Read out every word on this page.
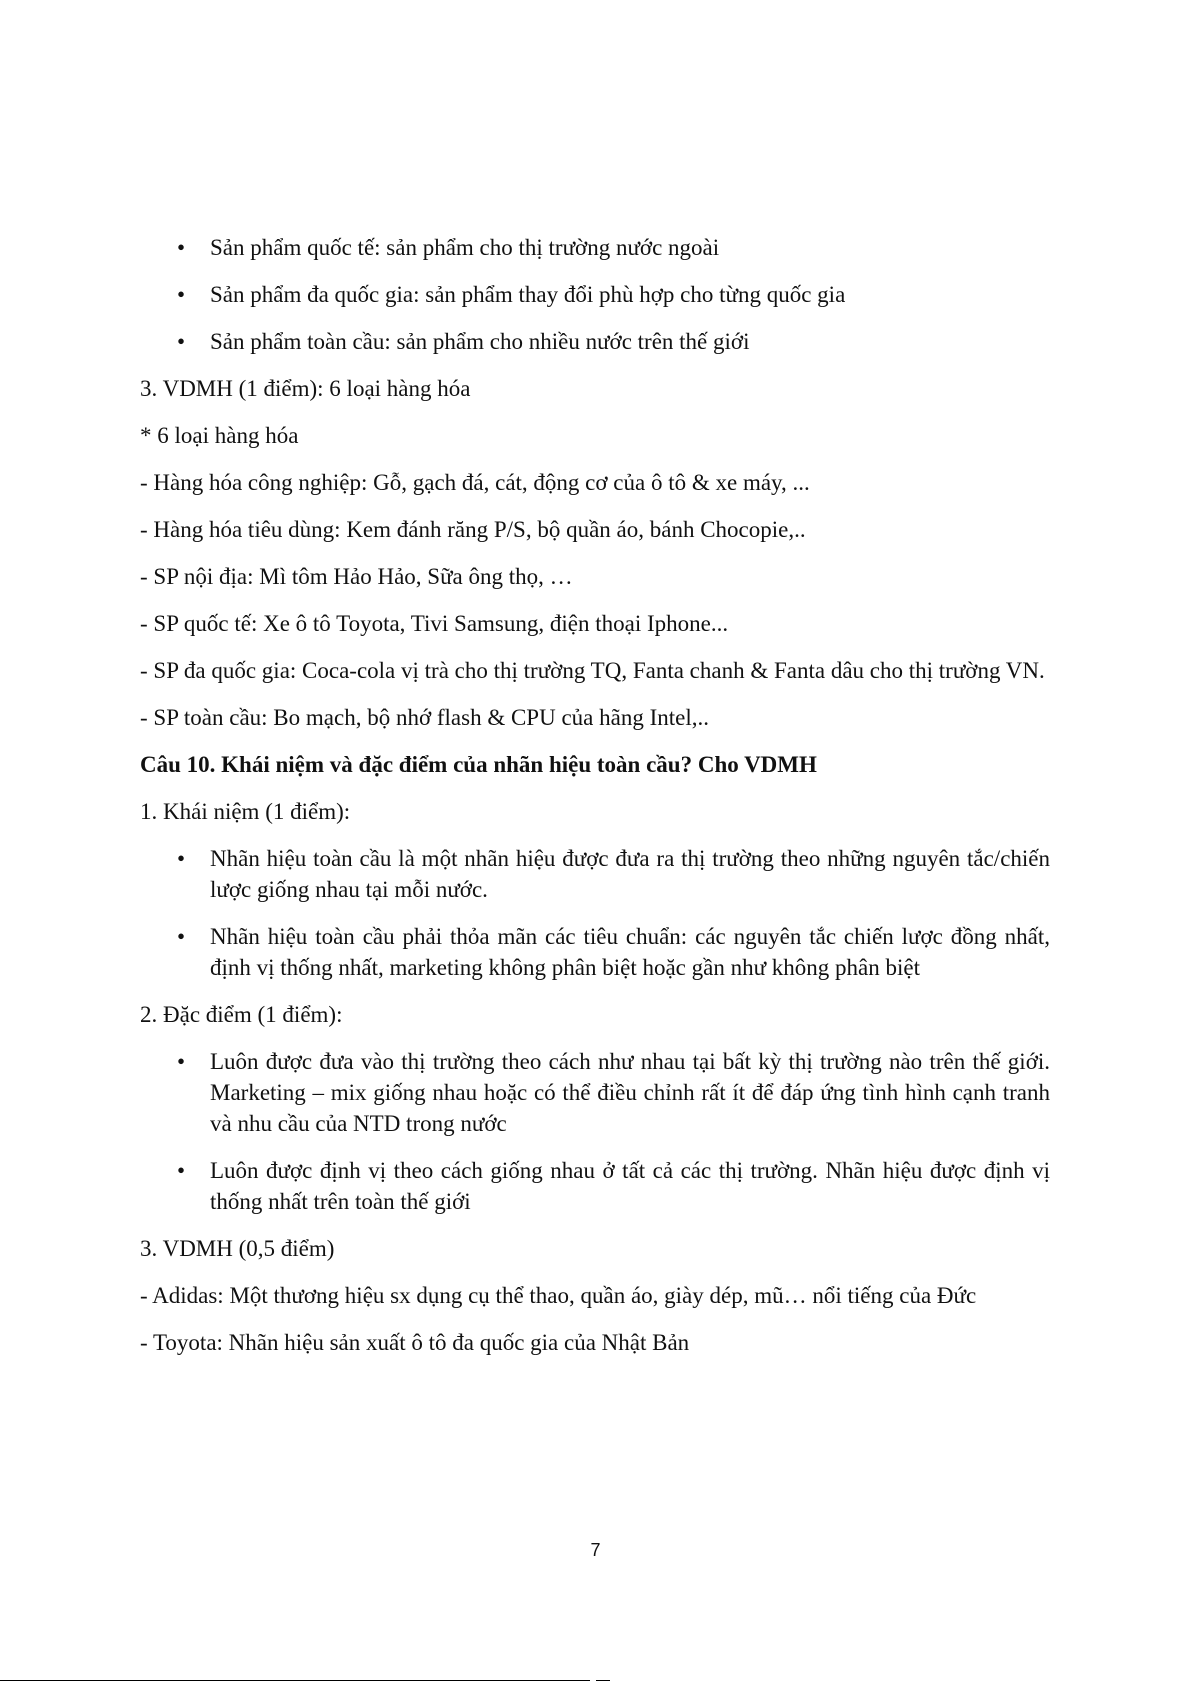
• Sản phẩm quốc tế: sản phẩm cho thị trường nước ngoài
• Sản phẩm đa quốc gia: sản phẩm thay đổi phù hợp cho từng quốc gia
• Sản phẩm toàn cầu: sản phẩm cho nhiều nước trên thế giới
3. VDMH (1 điểm): 6 loại hàng hóa
* 6 loại hàng hóa
- Hàng hóa công nghiệp: Gỗ, gạch đá, cát, động cơ của ô tô & xe máy, ...
- Hàng hóa tiêu dùng: Kem đánh răng P/S, bộ quần áo, bánh Chocopie,..
- SP nội địa: Mì tôm Hảo Hảo, Sữa ông thọ, …
- SP quốc tế: Xe ô tô Toyota, Tivi Samsung, điện thoại Iphone...
- SP đa quốc gia: Coca-cola vị trà cho thị trường TQ, Fanta chanh & Fanta dâu cho thị trường VN.
- SP toàn cầu: Bo mạch, bộ nhớ flash & CPU của hãng Intel,..
Câu 10. Khái niệm và đặc điểm của nhãn hiệu toàn cầu? Cho VDMH
1. Khái niệm (1 điểm):
• Nhãn hiệu toàn cầu là một nhãn hiệu được đưa ra thị trường theo những nguyên tắc/chiến lược giống nhau tại mỗi nước.
• Nhãn hiệu toàn cầu phải thỏa mãn các tiêu chuẩn: các nguyên tắc chiến lược đồng nhất, định vị thống nhất, marketing không phân biệt hoặc gần như không phân biệt
2. Đặc điểm (1 điểm):
• Luôn được đưa vào thị trường theo cách như nhau tại bất kỳ thị trường nào trên thế giới. Marketing – mix giống nhau hoặc có thể điều chỉnh rất ít để đáp ứng tình hình cạnh tranh và nhu cầu của NTD trong nước
• Luôn được định vị theo cách giống nhau ở tất cả các thị trường. Nhãn hiệu được định vị thống nhất trên toàn thế giới
3. VDMH (0,5 điểm)
- Adidas: Một thương hiệu sx dụng cụ thể thao, quần áo, giày dép, mũ… nổi tiếng của Đức
- Toyota: Nhãn hiệu sản xuất ô tô đa quốc gia của Nhật Bản
7
